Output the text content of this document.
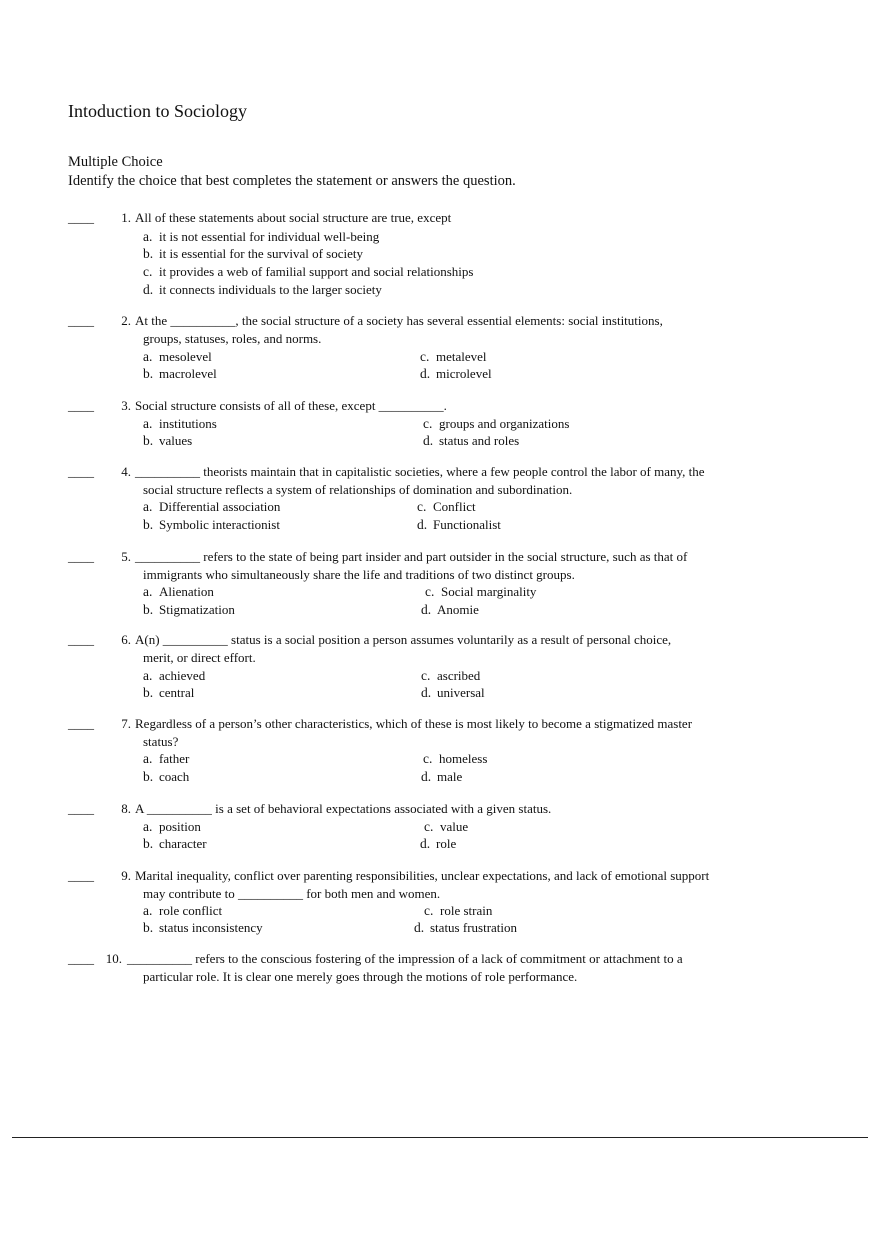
Intoduction to Sociology
Multiple Choice
Identify the choice that best completes the statement or answers the question.
____	1. All of these statements about social structure are true, except
a. it is not essential for individual well-being
b. it is essential for the survival of society
c. it provides a web of familial support and social relationships
d. it connects individuals to the larger society
____	2. At the __________, the social structure of a society has several essential elements: social institutions,
groups, statuses, roles, and norms.
a. mesolevel
b. macrolevel
c. metalevel
d. microlevel
____	3. Social structure consists of all of these, except __________.
a. institutions
b. values
c. groups and organizations
d. status and roles
____	4. __________ theorists maintain that in capitalistic societies, where a few people control the labor of many, the
social structure reflects a system of relationships of domination and subordination.
a. Differential association
b. Symbolic interactionist
c. Conflict
d. Functionalist
____	5. __________ refers to the state of being part insider and part outsider in the social structure, such as that of
immigrants who simultaneously share the life and traditions of two distinct groups.
a. Alienation
b. Stigmatization
c. Social marginality
d. Anomie
____	6. A(n) __________ status is a social position a person assumes voluntarily as a result of personal choice,
merit, or direct effort.
a. achieved
b. central
c. ascribed
d. universal
____	7. Regardless of a person’s other characteristics, which of these is most likely to become a stigmatized master
status?
a. father
b. coach
c. homeless
d. male
____	8. A __________ is a set of behavioral expectations associated with a given status.
a. position
b. character
c. value
d. role
____	9. Marital inequality, conflict over parenting responsibilities, unclear expectations, and lack of emotional support
may contribute to __________ for both men and women.
a. role conflict
b. status inconsistency
c. role strain
d. status frustration
____ 10. __________ refers to the conscious fostering of the impression of a lack of commitment or attachment to a
particular role. It is clear one merely goes through the motions of role performance.
